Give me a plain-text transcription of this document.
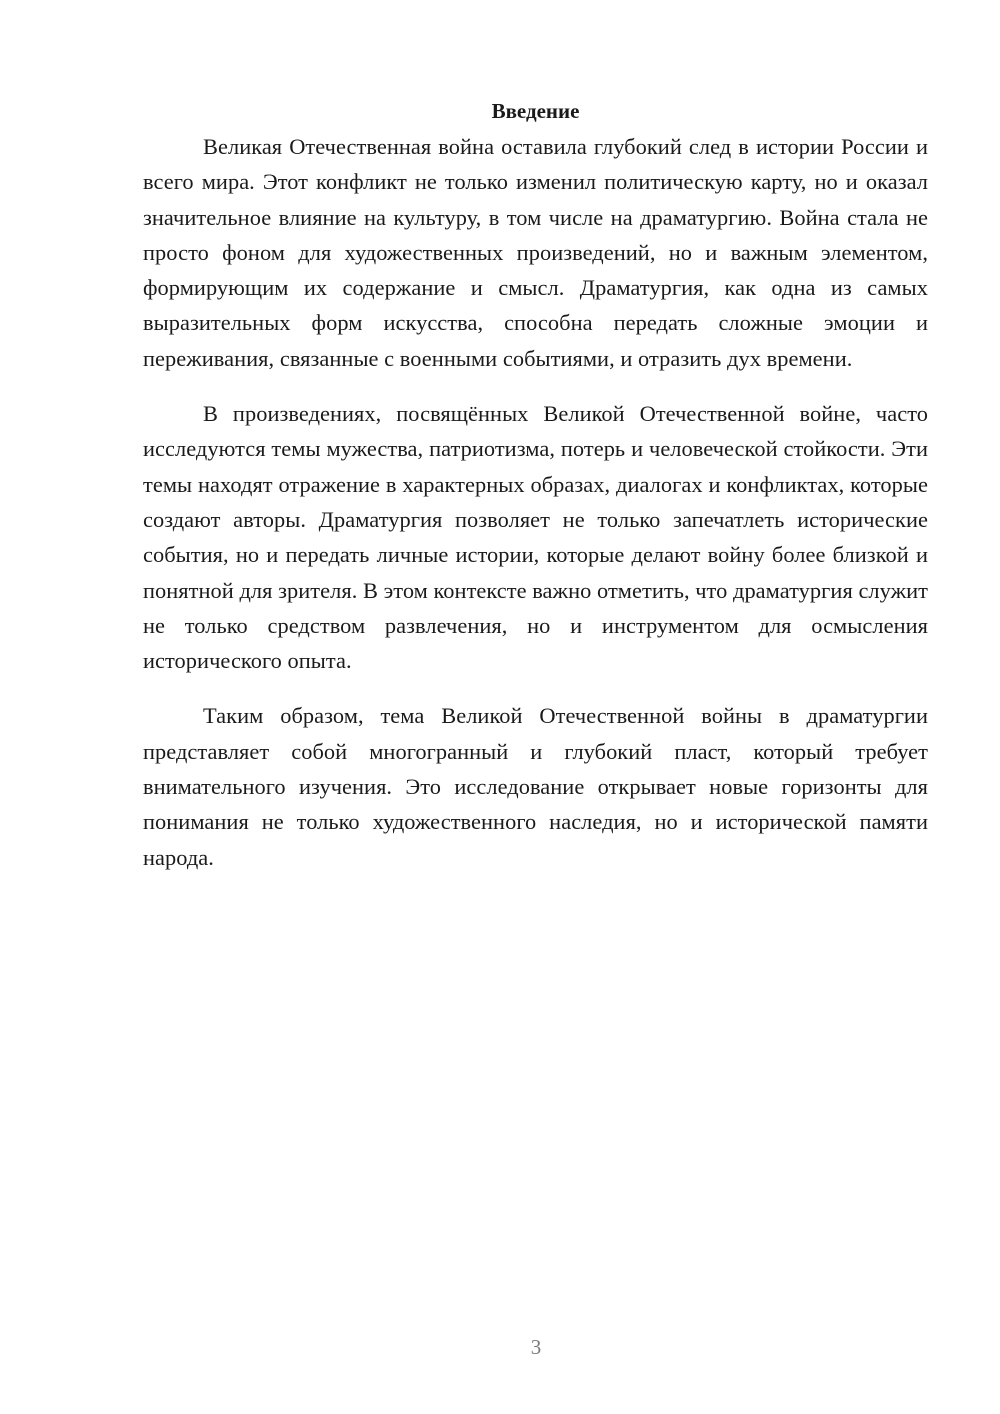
Введение

Великая Отечественная война оставила глубокий след в истории России и всего мира. Этот конфликт не только изменил политическую карту, но и оказал значительное влияние на культуру, в том числе на драматургию. Война стала не просто фоном для художественных произведений, но и важным элементом, формирующим их содержание и смысл. Драматургия, как одна из самых выразительных форм искусства, способна передать сложные эмоции и переживания, связанные с военными событиями, и отразить дух времени.

В произведениях, посвящённых Великой Отечественной войне, часто исследуются темы мужества, патриотизма, потерь и человеческой стойкости. Эти темы находят отражение в характерных образах, диалогах и конфликтах, которые создают авторы. Драматургия позволяет не только запечатлеть исторические события, но и передать личные истории, которые делают войну более близкой и понятной для зрителя. В этом контексте важно отметить, что драматургия служит не только средством развлечения, но и инструментом для осмысления исторического опыта.

Таким образом, тема Великой Отечественной войны в драматургии представляет собой многогранный и глубокий пласт, который требует внимательного изучения. Это исследование открывает новые горизонты для понимания не только художественного наследия, но и исторической памяти народа.

3
